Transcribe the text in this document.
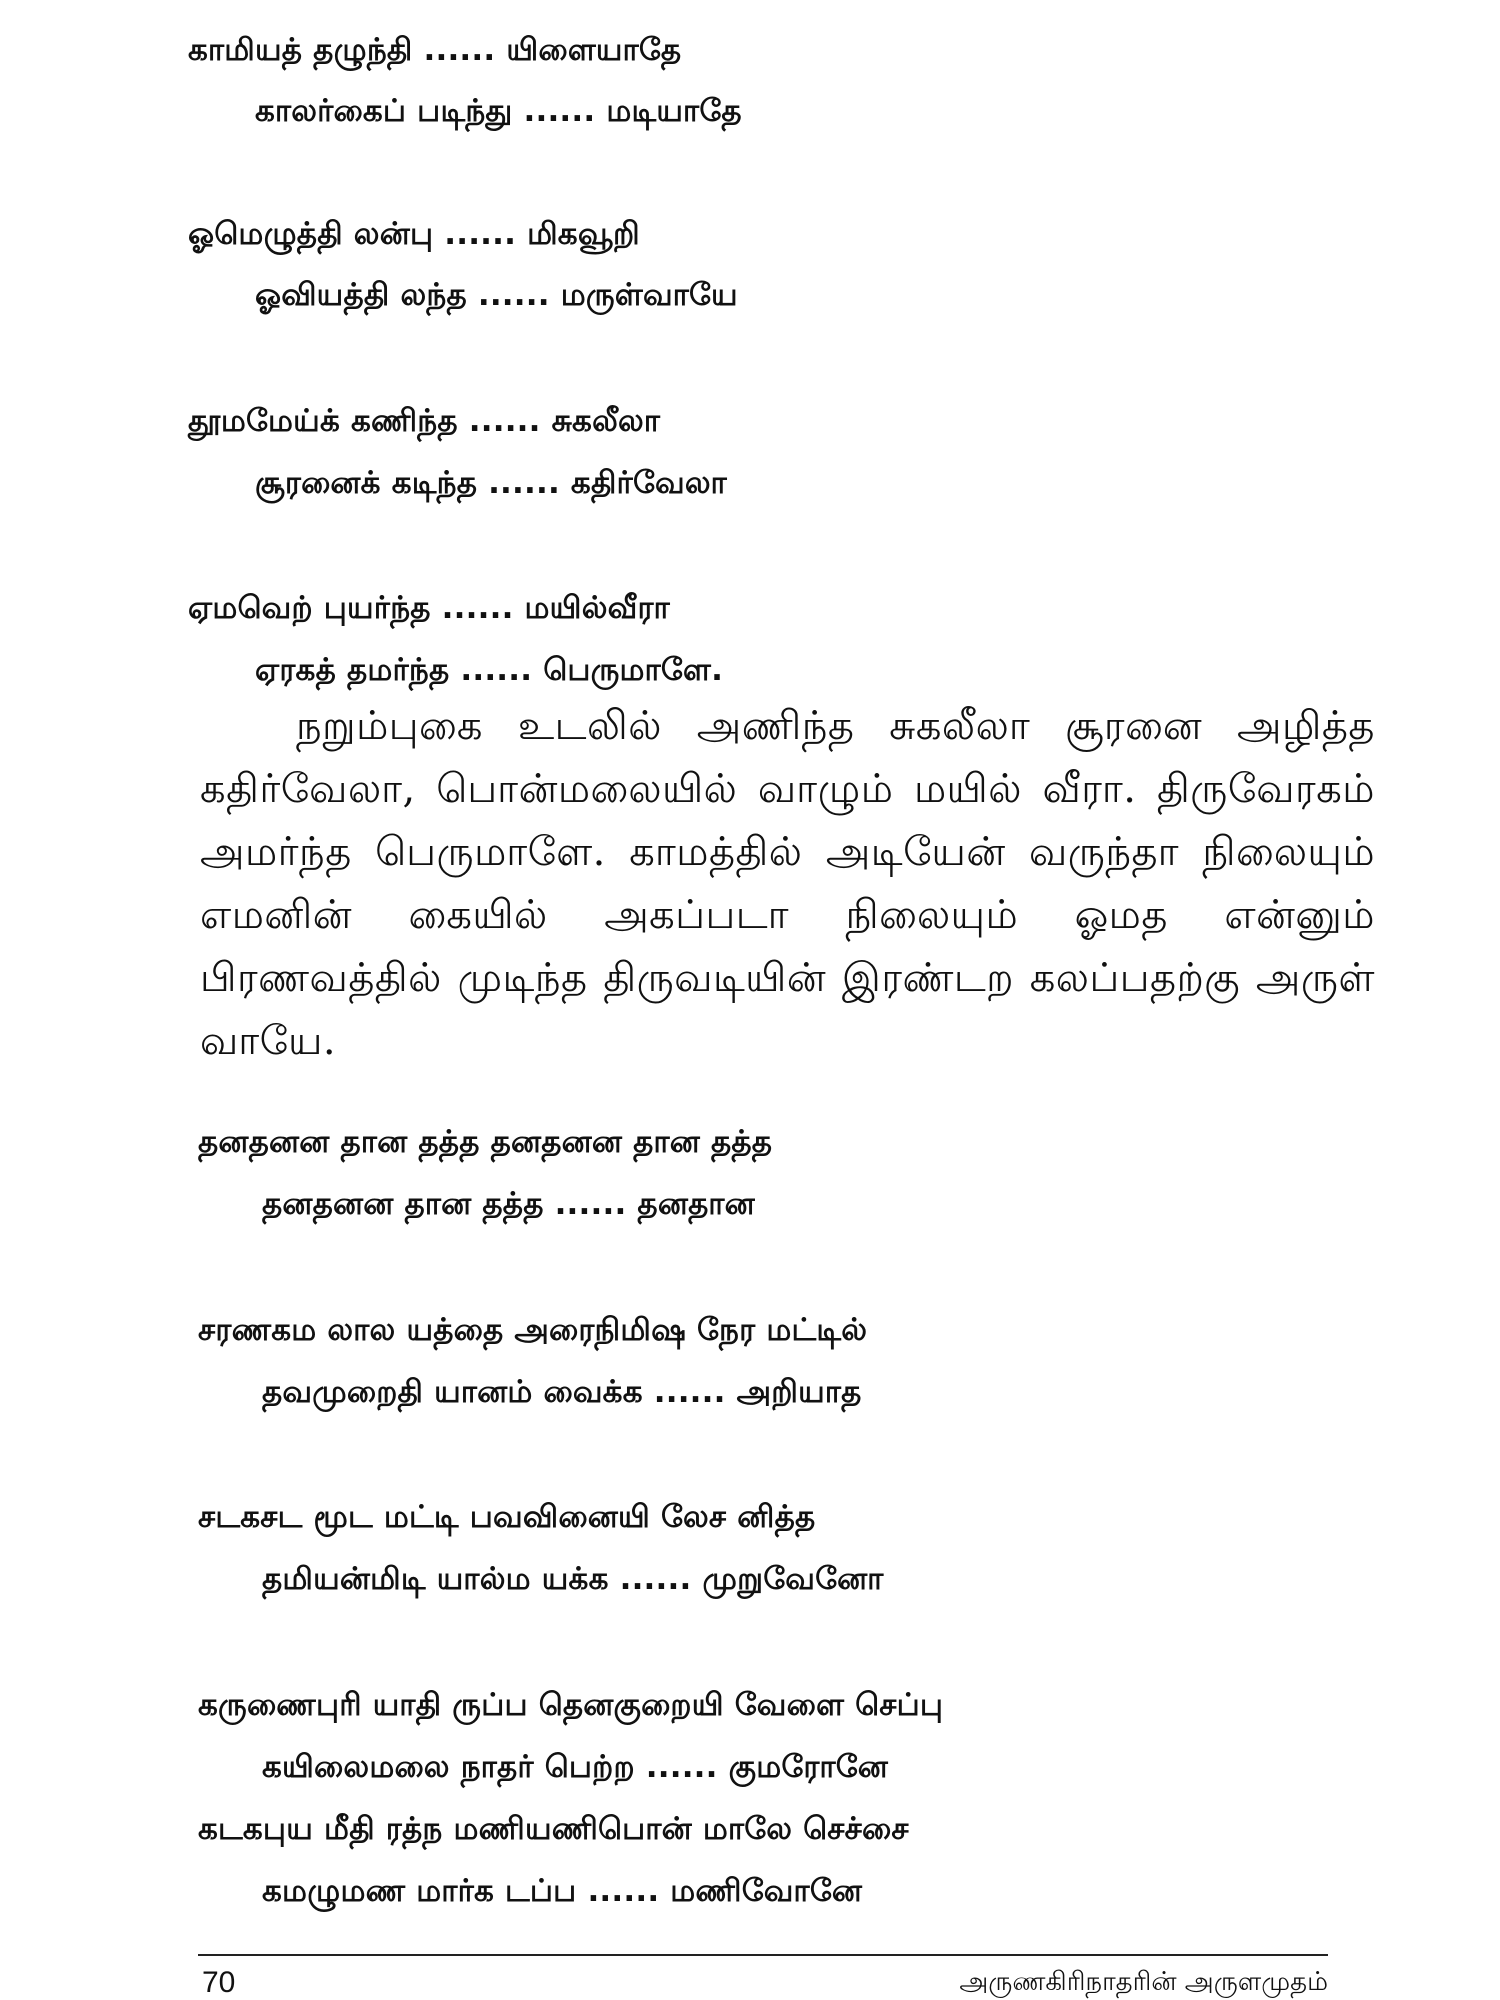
காமியத் தழுந்தி ...... யிளையாதே
காலர்கைப் படிந்து ...... மடியாதே
ஓமெழுத்தி லன்பு ...... மிகவூறி
ஓவியத்தி லந்த ...... மருள்வாயே
தூமமேய்க் கணிந்த ...... சுகலீலா
சூரனைக் கடிந்த ...... கதிர்வேலா
ஏமவெற் புயர்ந்த ...... மயில்வீரா
ஏரகத் தமர்ந்த ...... பெருமாளே.

நறும்புகை உடலில் அணிந்த சுகலீலா சூரனை அழித்த கதிர்வேலா, பொன்மலையில் வாழும் மயில் வீரா. திருவேரகம் அமர்ந்த பெருமாளே. காமத்தில் அடியேன் வருந்தா நிலையும் எமனின் கையில் அகப்படா நிலையும் ஓமத என்னும் பிரணவத்தில் முடிந்த திருவடியின் இரண்டற கலப்பதற்கு அருள் வாயே.

தனதனன தான தத்த தனதனன தான தத்த
தனதனன தான தத்த ...... தனதான
சரணகம லால யத்தை அரைநிமிஷ நேர மட்டில்
தவமுறைதி யானம் வைக்க ...... அறியாத
சடகசட மூட மட்டி பவவினையி லேச னித்த
தமியன்மிடி யால்ம யக்க ...... முறுவேனோ
கருணைபுரி யாதி ருப்ப தெனகுறையி வேளை செப்பு
கயிலைமலை நாதர் பெற்ற ...... குமரோனே
கடகபுய மீதி ரத்ந மணியணிபொன் மாலே செச்சை
கமழுமண மார்க டப்ப ...... மணிவோனே
70	அருணகிரிநாதரின் அருளமுதம்
